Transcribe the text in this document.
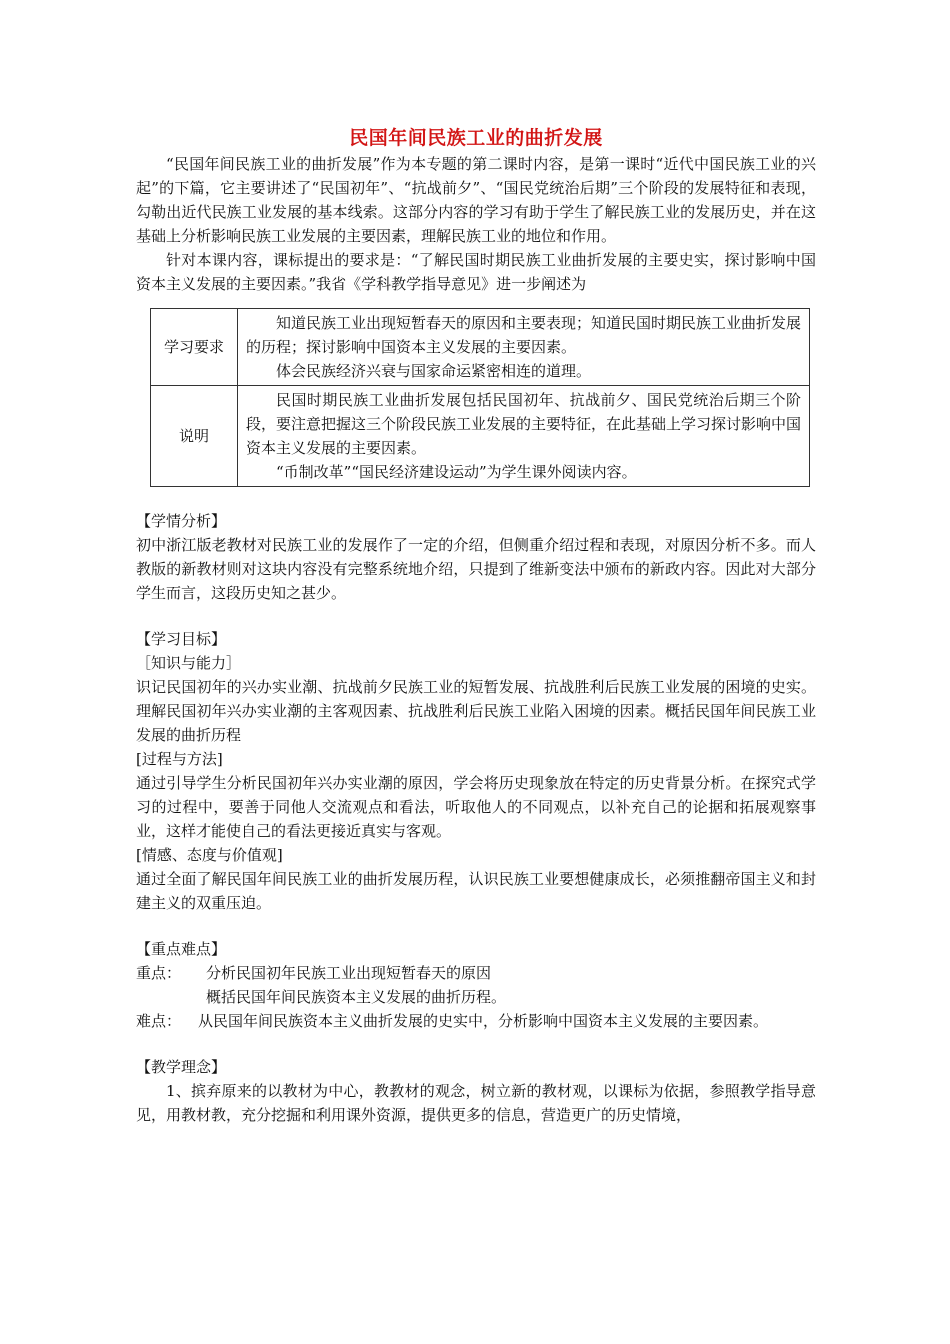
民国年间民族工业的曲折发展

“民国年间民族工业的曲折发展”作为本专题的第二课时内容，是第一课时“近代中国民族工业的兴起”的下篇，它主要讲述了“民国初年”、“抗战前夕”、“国民党统治后期”三个阶段的发展特征和表现，勾勒出近代民族工业发展的基本线索。这部分内容的学习有助于学生了解民族工业的发展历史，并在这基础上分析影响民族工业发展的主要因素，理解民族工业的地位和作用。

针对本课内容，课标提出的要求是：“了解民国时期民族工业曲折发展的主要史实，探讨影响中国资本主义发展的主要因素。”我省《学科教学指导意见》进一步阐述为

学习要求	知道民族工业出现短暂春天的原因和主要表现；知道民国时期民族工业曲折发展的历程；探讨影响中国资本主义发展的主要因素。

体会民族经济兴衰与国家命运紧密相连的道理。

说明	民国时期民族工业曲折发展包括民国初年、抗战前夕、国民党统治后期三个阶段，要注意把握这三个阶段民族工业发展的主要特征，在此基础上学习探讨影响中国资本主义发展的主要因素。

“币制改革”“国民经济建设运动”为学生课外阅读内容。

【学情分析】

初中浙江版老教材对民族工业的发展作了一定的介绍，但侧重介绍过程和表现，对原因分析不多。而人教版的新教材则对这块内容没有完整系统地介绍，只提到了维新变法中颁布的新政内容。因此对大部分学生而言，这段历史知之甚少。

【学习目标】
［知识与能力］

识记民国初年的兴办实业潮、抗战前夕民族工业的短暂发展、抗战胜利后民族工业发展的困境的史实。理解民国初年兴办实业潮的主客观因素、抗战胜利后民族工业陷入困境的因素。概括民国年间民族工业发展的曲折历程

[过程与方法]

通过引导学生分析民国初年兴办实业潮的原因，学会将历史现象放在特定的历史背景分析。在探究式学习的过程中，要善于同他人交流观点和看法，听取他人的不同观点，以补充自己的论据和拓展观察事业，这样才能使自己的看法更接近真实与客观。

[情感、态度与价值观]

通过全面了解民国年间民族工业的曲折发展历程，认识民族工业要想健康成长，必须推翻帝国主义和封建主义的双重压迫。

【重点难点】
重点：	分析民国初年民族工业出现短暂春天的原因
概括民国年间民族资本主义发展的曲折历程。
难点：	从民国年间民族资本主义曲折发展的史实中，分析影响中国资本主义发展的主要因素。
【教学理念】

1、摈弃原来的以教材为中心，教教材的观念，树立新的教材观，以课标为依据，参照教学指导意见，用教材教，充分挖掘和利用课外资源，提供更多的信息，营造更广的历史情境，
